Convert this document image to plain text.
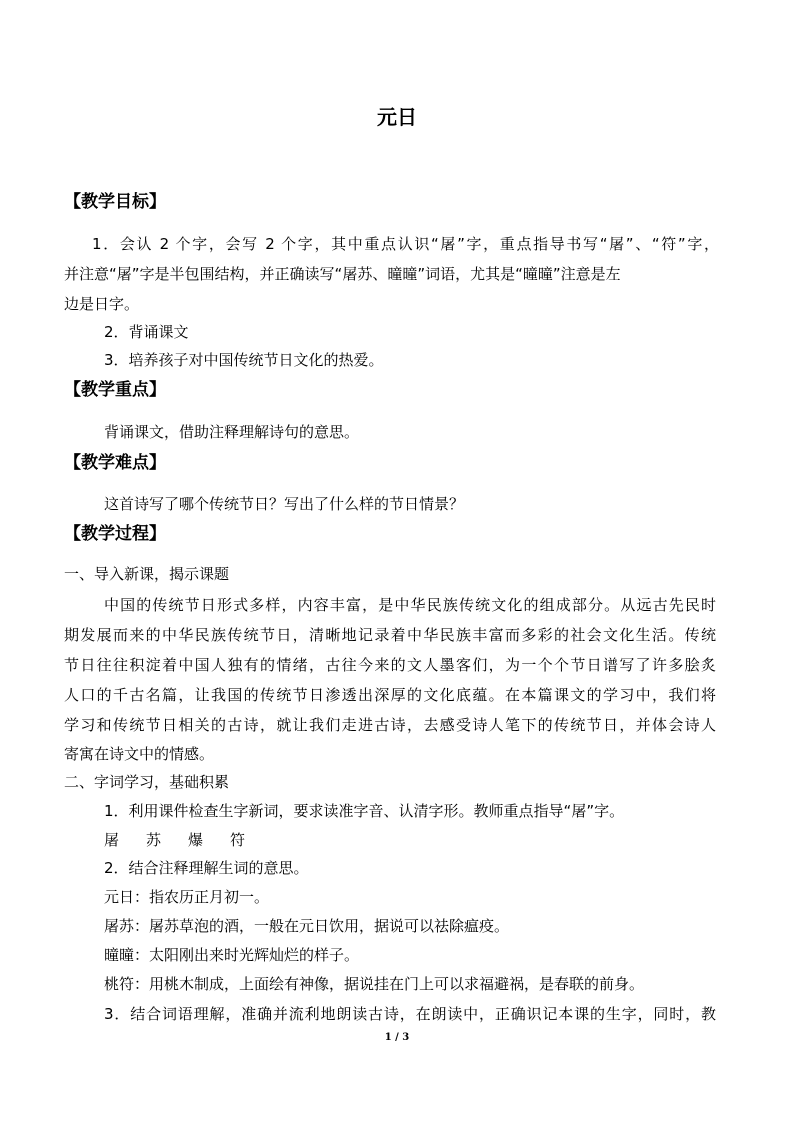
元日
【教学目标】
1．会认 2 个字，会写 2 个字，其中重点认识“屠”字，重点指导书写“屠”、“符”字，
并注意“屠”字是半包围结构，并正确读写“屠苏、曈曈”词语，尤其是“曈曈”注意是左
边是日字。
2．背诵课文
3．培养孩子对中国传统节日文化的热爱。
【教学重点】
背诵课文，借助注释理解诗句的意思。
【教学难点】
这首诗写了哪个传统节日？写出了什么样的节日情景？
【教学过程】
一、导入新课，揭示课题
中国的传统节日形式多样，内容丰富，是中华民族传统文化的组成部分。从远古先民时
期发展而来的中华民族传统节日，清晰地记录着中华民族丰富而多彩的社会文化生活。传统
节日往往积淀着中国人独有的情绪，古往今来的文人墨客们，为一个个节日谱写了许多脍炙
人口的千古名篇，让我国的传统节日渗透出深厚的文化底蕴。在本篇课文的学习中，我们将
学习和传统节日相关的古诗，就让我们走进古诗，去感受诗人笔下的传统节日，并体会诗人
寄寓在诗文中的情感。
二、字词学习，基础积累
1．利用课件检查生字新词，要求读准字音、认清字形。教师重点指导“屠”字。
屠 苏 爆 符
2．结合注释理解生词的意思。
元日：指农历正月初一。
屠苏：屠苏草泡的酒，一般在元日饮用，据说可以祛除瘟疫。
曈曈：太阳刚出来时光辉灿烂的样子。
桃符：用桃木制成，上面绘有神像，据说挂在门上可以求福避祸，是春联的前身。
3．结合词语理解，准确并流利地朗读古诗，在朗读中，正确识记本课的生字，同时，教
1 / 3
